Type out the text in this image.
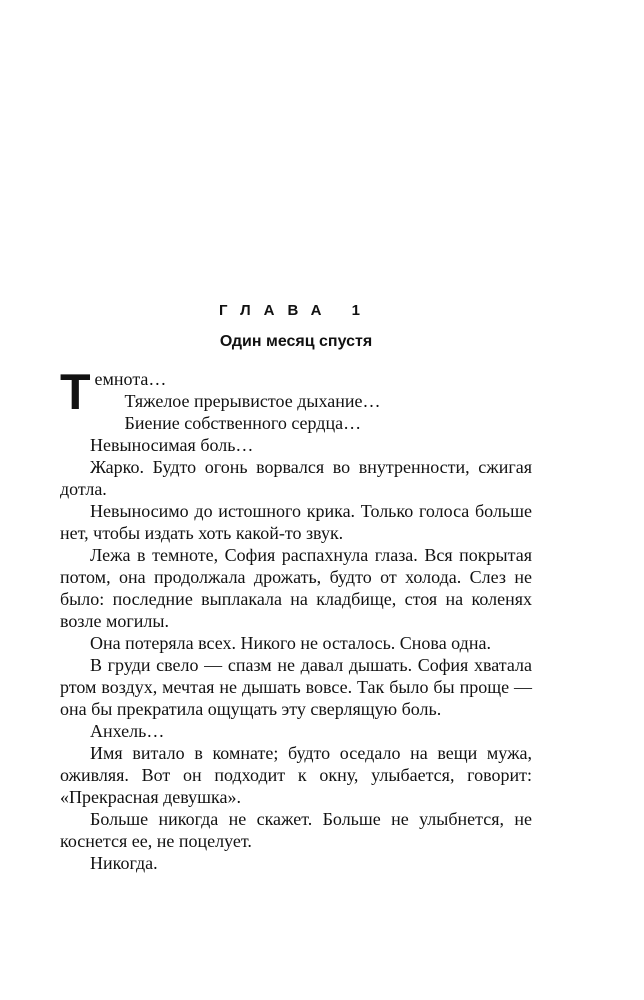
ГЛАВА 1
Один месяц спустя

Темнота…

Тяжелое прерывистое дыхание…

Биение собственного сердца…

Невыносимая боль…

Жарко. Будто огонь ворвался во внутренности, сжигая дотла.

Невыносимо до истошного крика. Только голоса больше нет, чтобы издать хоть какой-то звук.

Лежа в темноте, София распахнула глаза. Вся покрытая потом, она продолжала дрожать, будто от холода. Слез не было: последние выплакала на кладбище, стоя на коленях возле могилы.

Она потеряла всех. Никого не осталось. Снова одна.

В груди свело — спазм не давал дышать. София хватала ртом воздух, мечтая не дышать вовсе. Так было бы проще — она бы прекратила ощущать эту сверлящую боль.

Анхель…

Имя витало в комнате; будто оседало на вещи мужа, оживляя. Вот он подходит к окну, улыбается, говорит: «Прекрасная девушка».

Больше никогда не скажет. Больше не улыбнется, не коснется ее, не поцелует.

Никогда.
